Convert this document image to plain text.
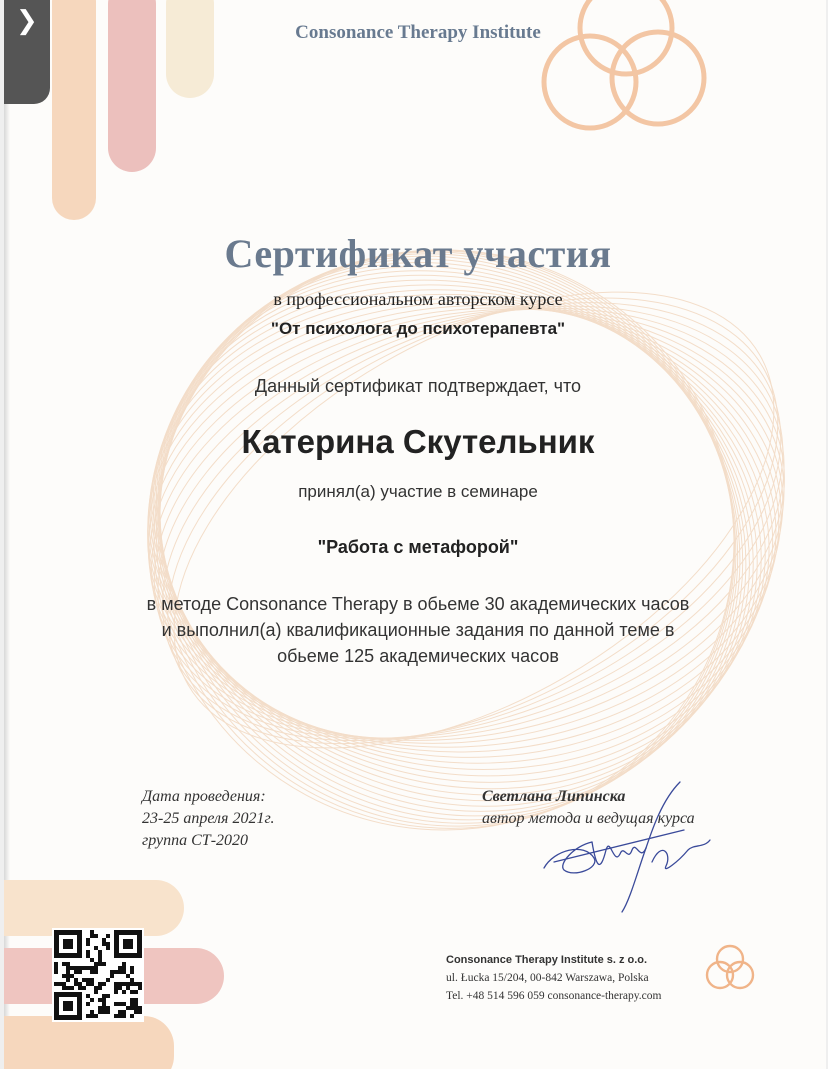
❯	Consonance Therapy Institute
Сертификат участия
в профессиональном авторском курсе
"От психолога до психотерапевта"
Данный сертификат подтверждает, что
Катерина Скутельник
принял(а) участие в семинаре
"Работа с метафорой"
в методе Consonance Therapy в обьеме 30 академических часов
и выполнил(а) квалификационные задания по данной теме в
обьеме 125 академических часов
Дата проведения:
23-25 апреля 2021г.
группа СТ-2020
Светлана Липинска
автор метода и ведущая курса
Consonance Therapy Institute s. z o.o.
ul. Łucka 15/204, 00-842 Warszawa, Polska
Tel. +48 514 596 059 consonance-therapy.com
